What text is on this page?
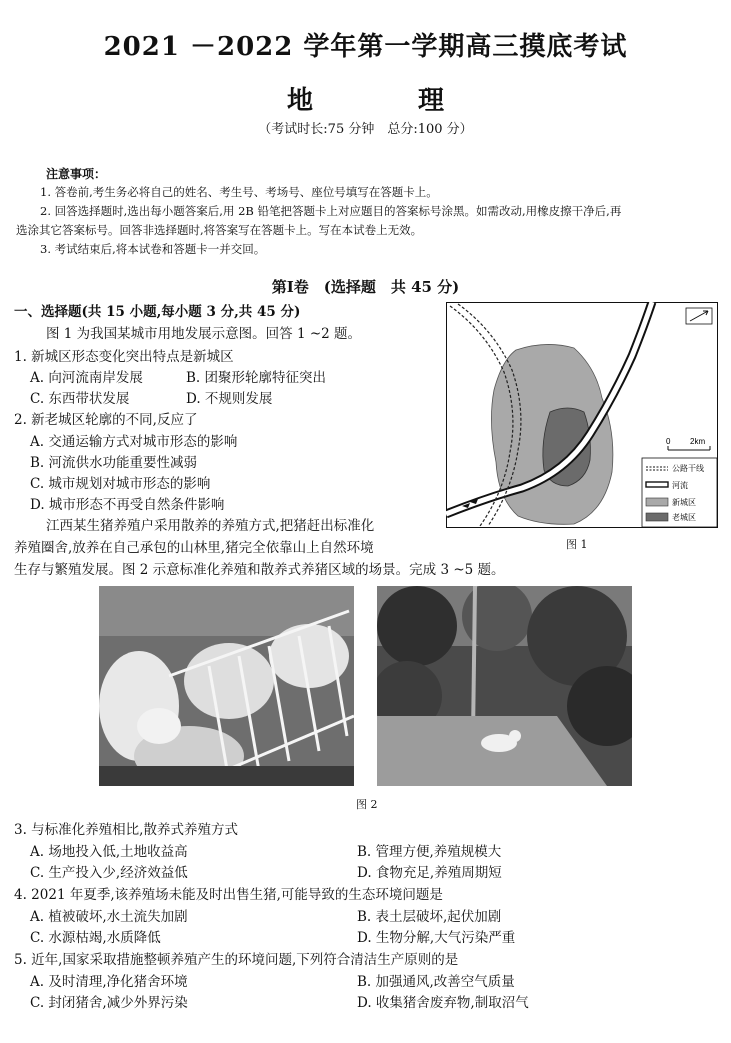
2021 －2022 学年第一学期高三摸底考试
地 理
（考试时长:75 分钟　总分:100 分）
注意事项：
1. 答卷前,考生务必将自己的姓名、考生号、考场号、座位号填写在答题卡上。
2. 回答选择题时,选出每小题答案后,用 2B 铅笔把答题卡上对应题目的答案标号涂黑。如需改动,用橡皮擦干净后,再
选涂其它答案标号。回答非选择题时,将答案写在答题卡上。写在本试卷上无效。
3. 考试结束后,将本试卷和答题卡一并交回。
第Ⅰ卷　(选择题　共 45 分)
一、选择题(共 15 小题,每小题 3 分,共 45 分)
图 1 为我国某城市用地发展示意图。回答 1 ~2 题。
1. 新城区形态变化突出特点是新城区
A. 向河流南岸发展	B. 团聚形轮廓特征突出
C. 东西带状发展	D. 不规则发展
2. 新老城区轮廓的不同,反应了
A. 交通运输方式对城市形态的影响
B. 河流供水功能重要性减弱
C. 城市规划对城市形态的影响
D. 城市形态不再受自然条件影响
江西某生猪养殖户采用散养的养殖方式,把猪赶出标准化
养殖圈舍,放养在自己承包的山林里,猪完全依靠山上自然环境
生存与繁殖发展。图 2 示意标准化养殖和散养式养猪区域的场景。完成 3 ~5 题。
0 2km
公路干线
河流
新城区
老城区
图 1
图 2
3. 与标准化养殖相比,散养式养殖方式
A. 场地投入低,土地收益高	B. 管理方便,养殖规模大
C. 生产投入少,经济效益低	D. 食物充足,养殖周期短
4. 2021 年夏季,该养殖场未能及时出售生猪,可能导致的生态环境问题是
A. 植被破坏,水土流失加剧	B. 表土层破坏,起伏加剧
C. 水源枯竭,水质降低	D. 生物分解,大气污染严重
5. 近年,国家采取措施整顿养殖产生的环境问题,下列符合清洁生产原则的是
A. 及时清理,净化猪舍环境	B. 加强通风,改善空气质量
C. 封闭猪舍,减少外界污染	D. 收集猪舍废弃物,制取沼气
